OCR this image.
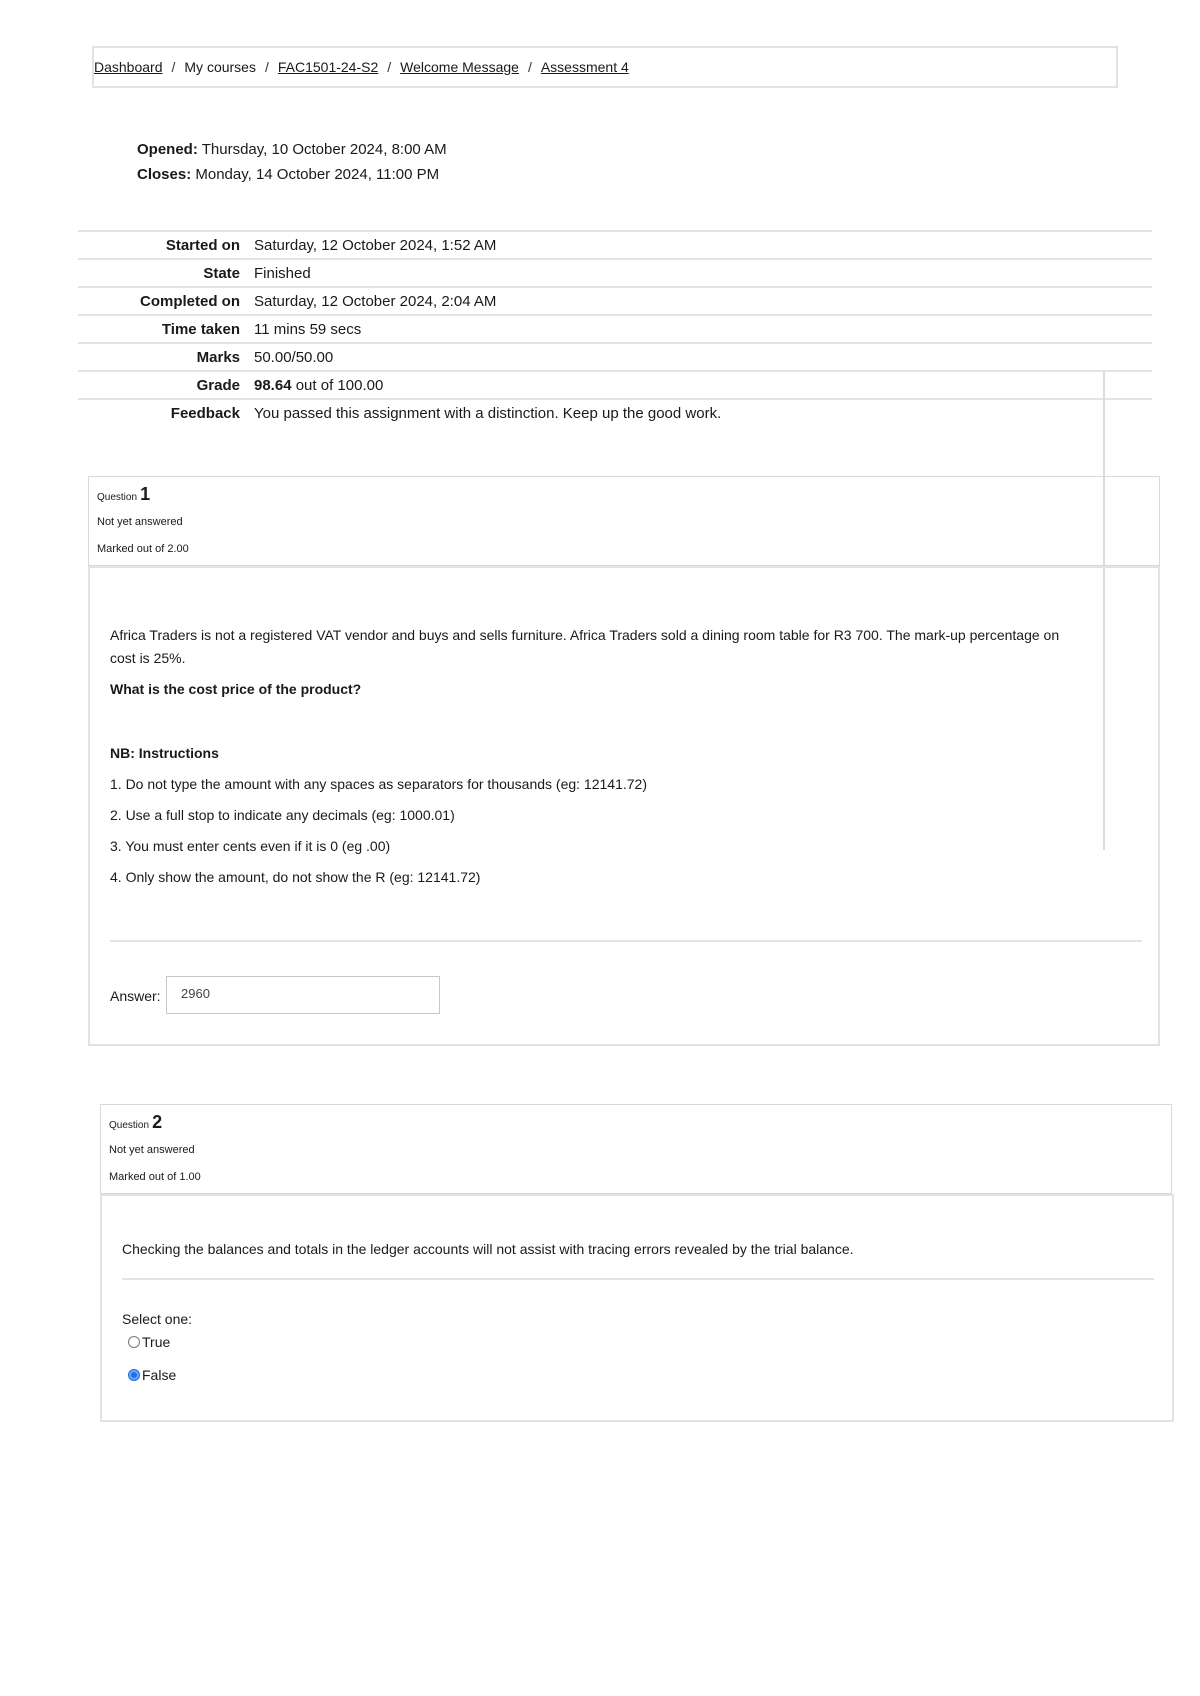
Dashboard / My courses / FAC1501-24-S2 / Welcome Message / Assessment 4
Opened: Thursday, 10 October 2024, 8:00 AM
Closes: Monday, 14 October 2024, 11:00 PM
Started on	Saturday, 12 October 2024, 1:52 AM
State	Finished
Completed on	Saturday, 12 October 2024, 2:04 AM
Time taken	11 mins 59 secs
Marks	50.00/50.00
Grade	98.64 out of 100.00
Feedback	You passed this assignment with a distinction. Keep up the good work.
Question 1
Not yet answered
Marked out of 2.00

Africa Traders is not a registered VAT vendor and buys and sells furniture. Africa Traders sold a dining room table for R3 700. The mark-up percentage on

cost is 25%.

What is the cost price of the product?

NB: Instructions

1. Do not type the amount with any spaces as separators for thousands (eg: 12141.72)

2. Use a full stop to indicate any decimals (eg: 1000.01)

3. You must enter cents even if it is 0 (eg .00)

4. Only show the amount, do not show the R (eg: 12141.72)

Answer:	2960
Question 2
Not yet answered
Marked out of 1.00
Checking the balances and totals in the ledger accounts will not assist with tracing errors revealed by the trial balance.
Select one:
True
False
